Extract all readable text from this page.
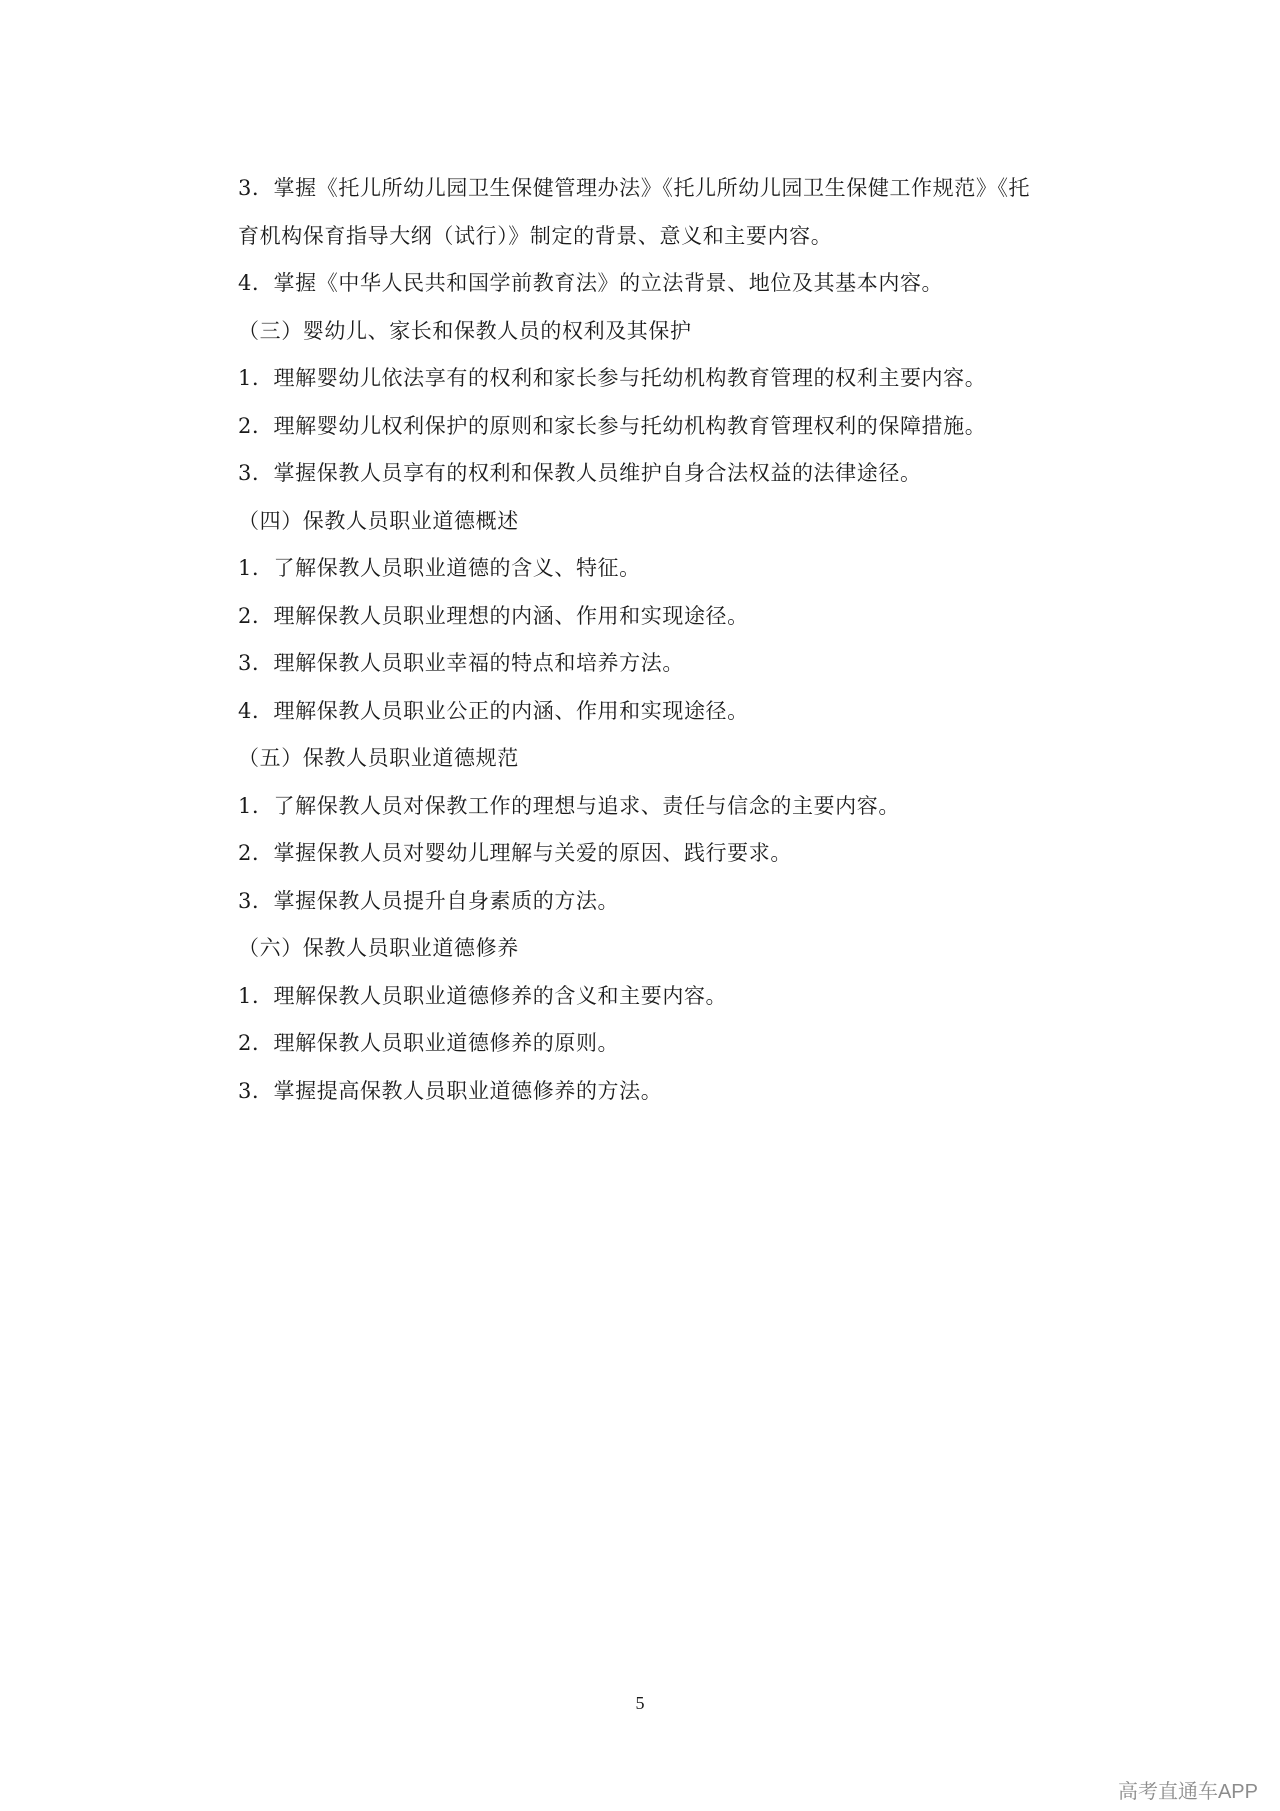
3．掌握《托儿所幼儿园卫生保健管理办法》《托儿所幼儿园卫生保健工作规范》《托
育机构保育指导大纲（试行）》制定的背景、意义和主要内容。
4．掌握《中华人民共和国学前教育法》的立法背景、地位及其基本内容。
（三）婴幼儿、家长和保教人员的权利及其保护
1．理解婴幼儿依法享有的权利和家长参与托幼机构教育管理的权利主要内容。
2．理解婴幼儿权利保护的原则和家长参与托幼机构教育管理权利的保障措施。
3．掌握保教人员享有的权利和保教人员维护自身合法权益的法律途径。
（四）保教人员职业道德概述
1．了解保教人员职业道德的含义、特征。
2．理解保教人员职业理想的内涵、作用和实现途径。
3．理解保教人员职业幸福的特点和培养方法。
4．理解保教人员职业公正的内涵、作用和实现途径。
（五）保教人员职业道德规范
1．了解保教人员对保教工作的理想与追求、责任与信念的主要内容。
2．掌握保教人员对婴幼儿理解与关爱的原因、践行要求。
3．掌握保教人员提升自身素质的方法。
（六）保教人员职业道德修养
1．理解保教人员职业道德修养的含义和主要内容。
2．理解保教人员职业道德修养的原则。
3．掌握提高保教人员职业道德修养的方法。
5
高考直通车APP
